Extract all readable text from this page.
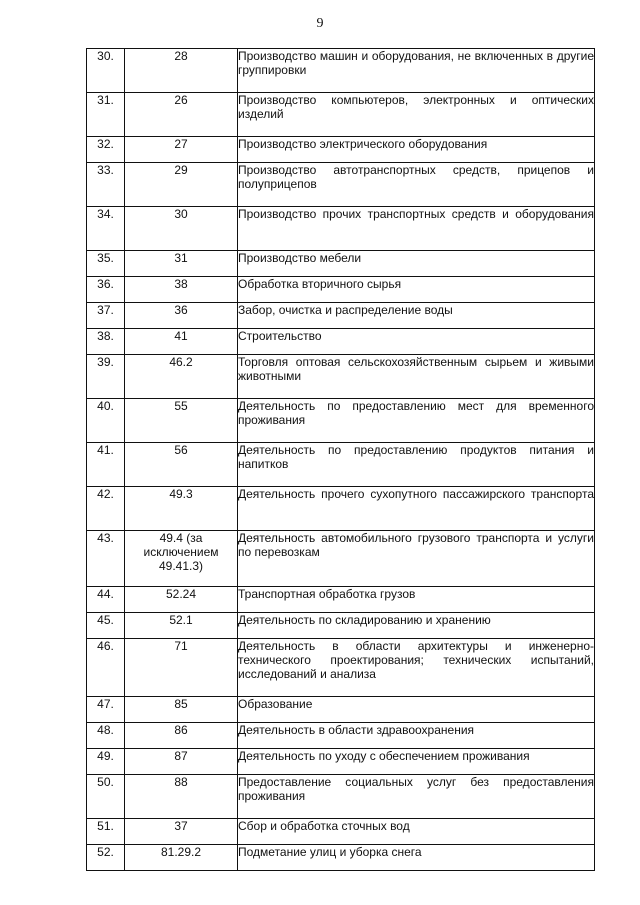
9
30.	28	Производство машин и оборудования, не включенных в другие группировки
31.	26	Производство компьютеров, электронных и оптических изделий
32.	27	Производство электрического оборудования
33.	29	Производство автотранспортных средств, прицепов и полуприцепов
34.	30	Производство прочих транспортных средств и оборудования
35.	31	Производство мебели
36.	38	Обработка вторичного сырья
37.	36	Забор, очистка и распределение воды
38.	41	Строительство
39.	46.2	Торговля оптовая сельскохозяйственным сырьем и живыми животными
40.	55	Деятельность по предоставлению мест для временного проживания
41.	56	Деятельность по предоставлению продуктов питания и напитков
42.	49.3	Деятельность прочего сухопутного пассажирского транспорта
43.	49.4 (за исключением 49.41.3)	Деятельность автомобильного грузового транспорта и услуги по перевозкам
44.	52.24	Транспортная обработка грузов
45.	52.1	Деятельность по складированию и хранению
46.	71	Деятельность в области архитектуры и инженерно-технического проектирования; технических испытаний, исследований и анализа
47.	85	Образование
48.	86	Деятельность в области здравоохранения
49.	87	Деятельность по уходу с обеспечением проживания
50.	88	Предоставление социальных услуг без предоставления проживания
51.	37	Сбор и обработка сточных вод
52.	81.29.2	Подметание улиц и уборка снега
